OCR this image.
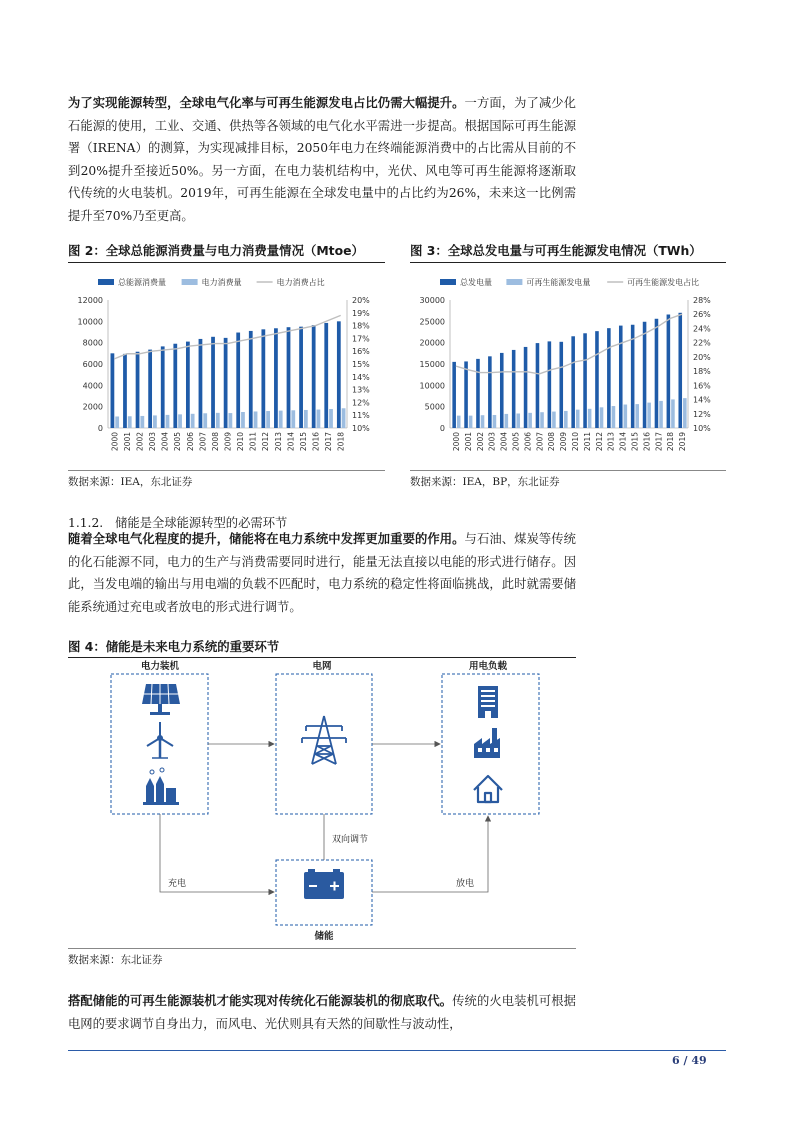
为了实现能源转型，全球电气化率与可再生能源发电占比仍需大幅提升。一方面，为了减少化石能源的使用，工业、交通、供热等各领域的电气化水平需进一步提高。根据国际可再生能源署（IRENA）的测算，为实现减排目标，2050年电力在终端能源消费中的占比需从目前的不到20%提升至接近50%。另一方面，在电力装机结构中，光伏、风电等可再生能源将逐渐取代传统的火电装机。2019年，可再生能源在全球发电量中的占比约为26%，未来这一比例需提升至70%乃至更高。

图 2：全球总能源消费量与电力消费量情况（Mtoe）
总能源消费量	电力消费量	电力消费占比
0
2000
4000
6000
8000
10000
12000
10%
11%
12%
13%
14%
15%
16%
17%
18%
19%
20%
2000 2001 2002 2003 2004 2005 2006 2007 2008 2009 2010 2011 2012 2013 2014 2015 2016 2017 2018
数据来源：IEA，东北证券
图 3：全球总发电量与可再生能源发电情况（TWh）
总发电量	可再生能源发电量	可再生能源发电占比
0
5000
10000
15000
20000
25000
30000
10%
12%
14%
16%
18%
20%
22%
24%
26%
28%
2000 2001 2002 2003 2004 2005 2006 2007 2008 2009 2010 2011 2012 2013 2014 2015 2016 2017 2018 2019
数据来源：IEA，BP，东北证券
1.1.2. 储能是全球能源转型的必需环节

随着全球电气化程度的提升，储能将在电力系统中发挥更加重要的作用。与石油、煤炭等传统的化石能源不同，电力的生产与消费需要同时进行，能量无法直接以电能的形式进行储存。因此，当发电端的输出与用电端的负载不匹配时，电力系统的稳定性将面临挑战，此时就需要储能系统通过充电或者放电的形式进行调节。

图 4：储能是未来电力系统的重要环节
电力装机	电网	用电负载
双向调节
充电	放电
储能
数据来源：东北证券

搭配储能的可再生能源装机才能实现对传统化石能源装机的彻底取代。传统的火电装机可根据电网的要求调节自身出力，而风电、光伏则具有天然的间歇性与波动性，

6 / 49
